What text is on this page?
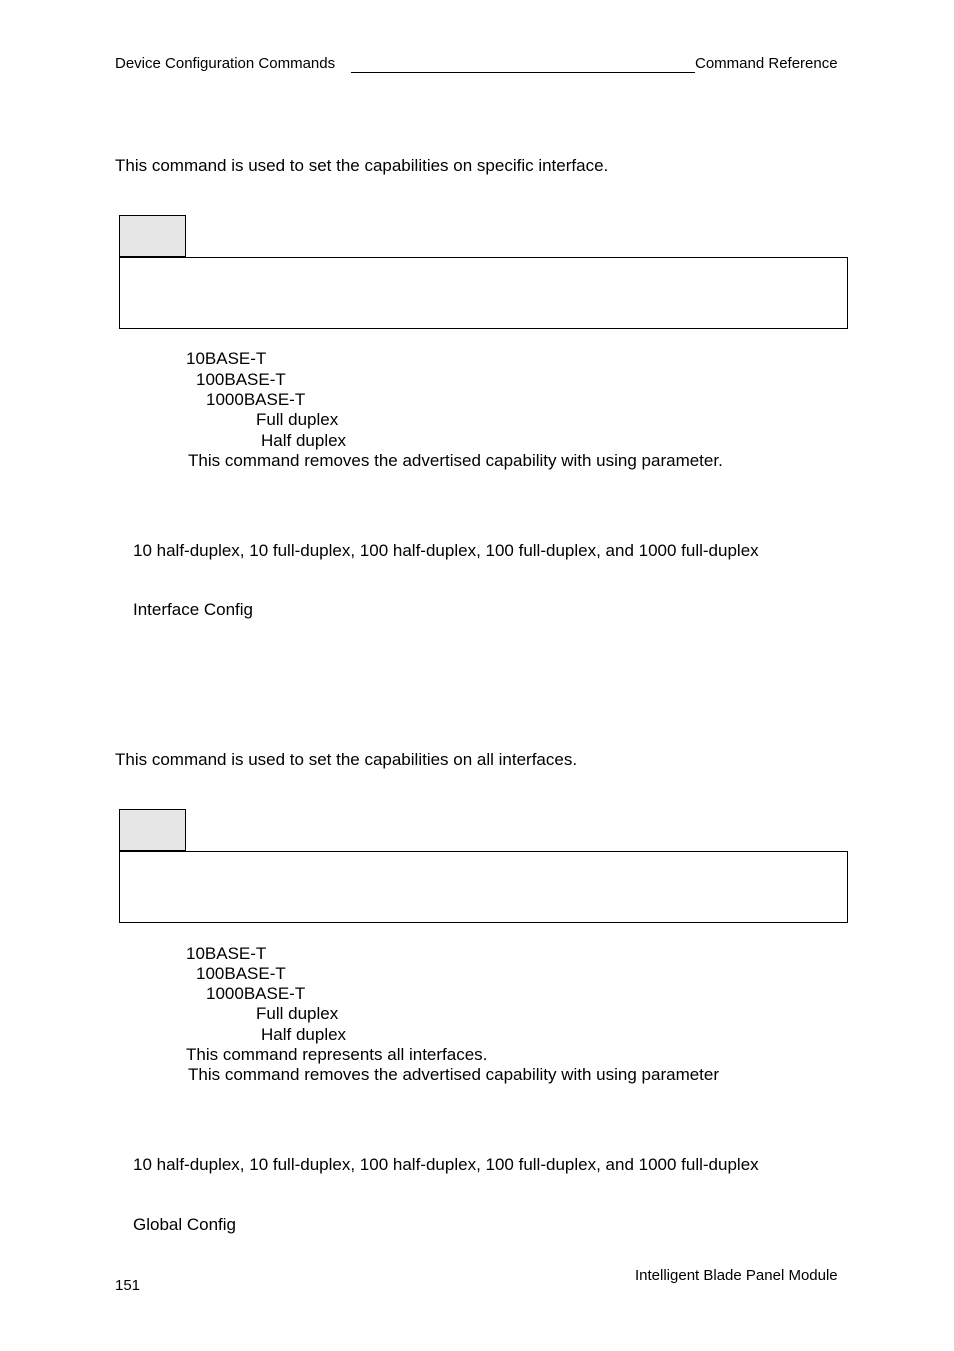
Device Configuration Commands	Command Reference
This command is used to set the capabilities on specific interface.
10BASE-T
100BASE-T
1000BASE-T
Full duplex
Half duplex
This command removes the advertised capability with using parameter.
10 half-duplex, 10 full-duplex, 100 half-duplex, 100 full-duplex, and 1000 full-duplex
Interface Config
This command is used to set the capabilities on all interfaces.
10BASE-T
100BASE-T
1000BASE-T
Full duplex
Half duplex
This command represents all interfaces.
This command removes the advertised capability with using parameter
10 half-duplex, 10 full-duplex, 100 half-duplex, 100 full-duplex, and 1000 full-duplex
Global Config
151
Intelligent Blade Panel Module
